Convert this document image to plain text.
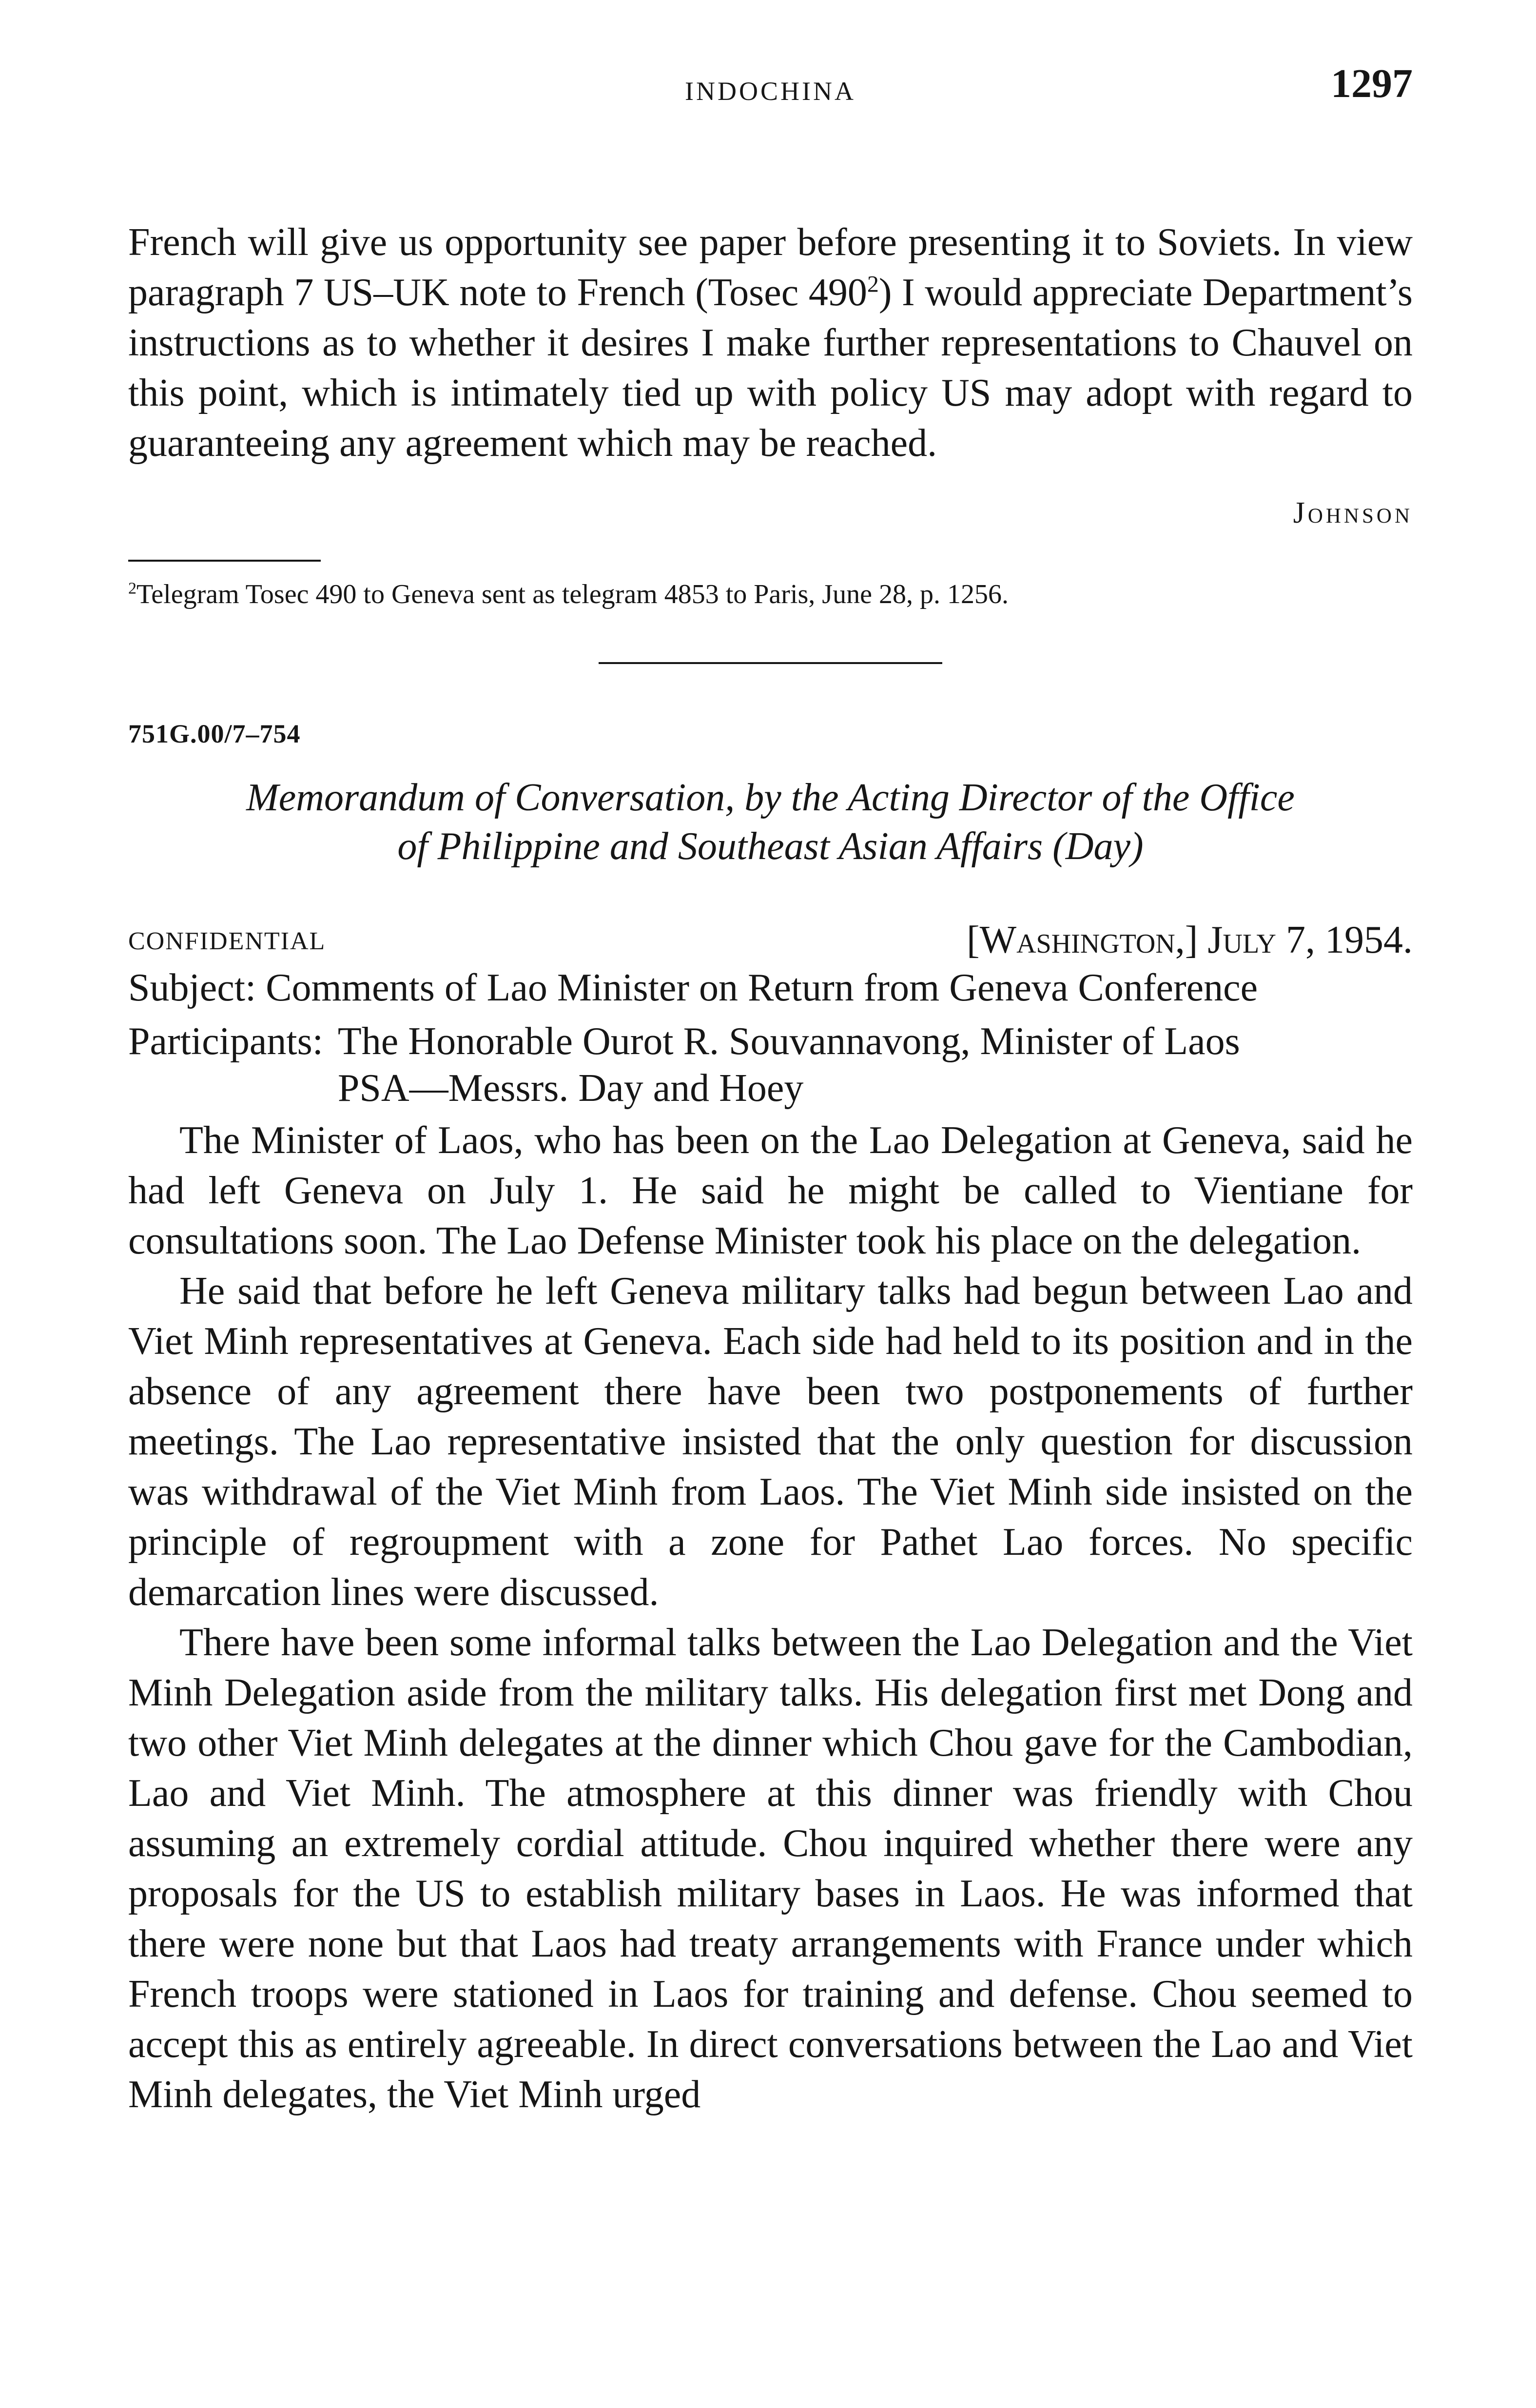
INDOCHINA	1297

French will give us opportunity see paper before presenting it to Soviets. In view paragraph 7 US–UK note to French (Tosec $490^2$) I would appreciate Department’s instructions as to whether it desires I make further representations to Chauvel on this point, which is intimately tied up with policy US may adopt with regard to guaranteeing any agreement which may be reached.

Johnson
$^2$Telegram Tosec 490 to Geneva sent as telegram 4853 to Paris, June 28, p. 1256.
751G.00/7–754
Memorandum of Conversation, by the Acting Director of the Office
of Philippine and Southeast Asian Affairs (Day)
CONFIDENTIAL	[Washington,] July 7, 1954.
Subject: Comments of Lao Minister on Return from Geneva Conference
Participants: The Honorable Ourot R. Souvannavong, Minister of Laos
PSA—Messrs. Day and Hoey

The Minister of Laos, who has been on the Lao Delegation at Geneva, said he had left Geneva on July 1. He said he might be called to Vientiane for consultations soon. The Lao Defense Minister took his place on the delegation.

He said that before he left Geneva military talks had begun between Lao and Viet Minh representatives at Geneva. Each side had held to its position and in the absence of any agreement there have been two postponements of further meetings. The Lao representative insisted that the only question for discussion was withdrawal of the Viet Minh from Laos. The Viet Minh side insisted on the principle of regroupment with a zone for Pathet Lao forces. No specific demarcation lines were discussed.

There have been some informal talks between the Lao Delegation and the Viet Minh Delegation aside from the military talks. His delegation first met Dong and two other Viet Minh delegates at the dinner which Chou gave for the Cambodian, Lao and Viet Minh. The atmosphere at this dinner was friendly with Chou assuming an extremely cordial attitude. Chou inquired whether there were any proposals for the US to establish military bases in Laos. He was informed that there were none but that Laos had treaty arrangements with France under which French troops were stationed in Laos for training and defense. Chou seemed to accept this as entirely agreeable. In direct conversations between the Lao and Viet Minh delegates, the Viet Minh urged
